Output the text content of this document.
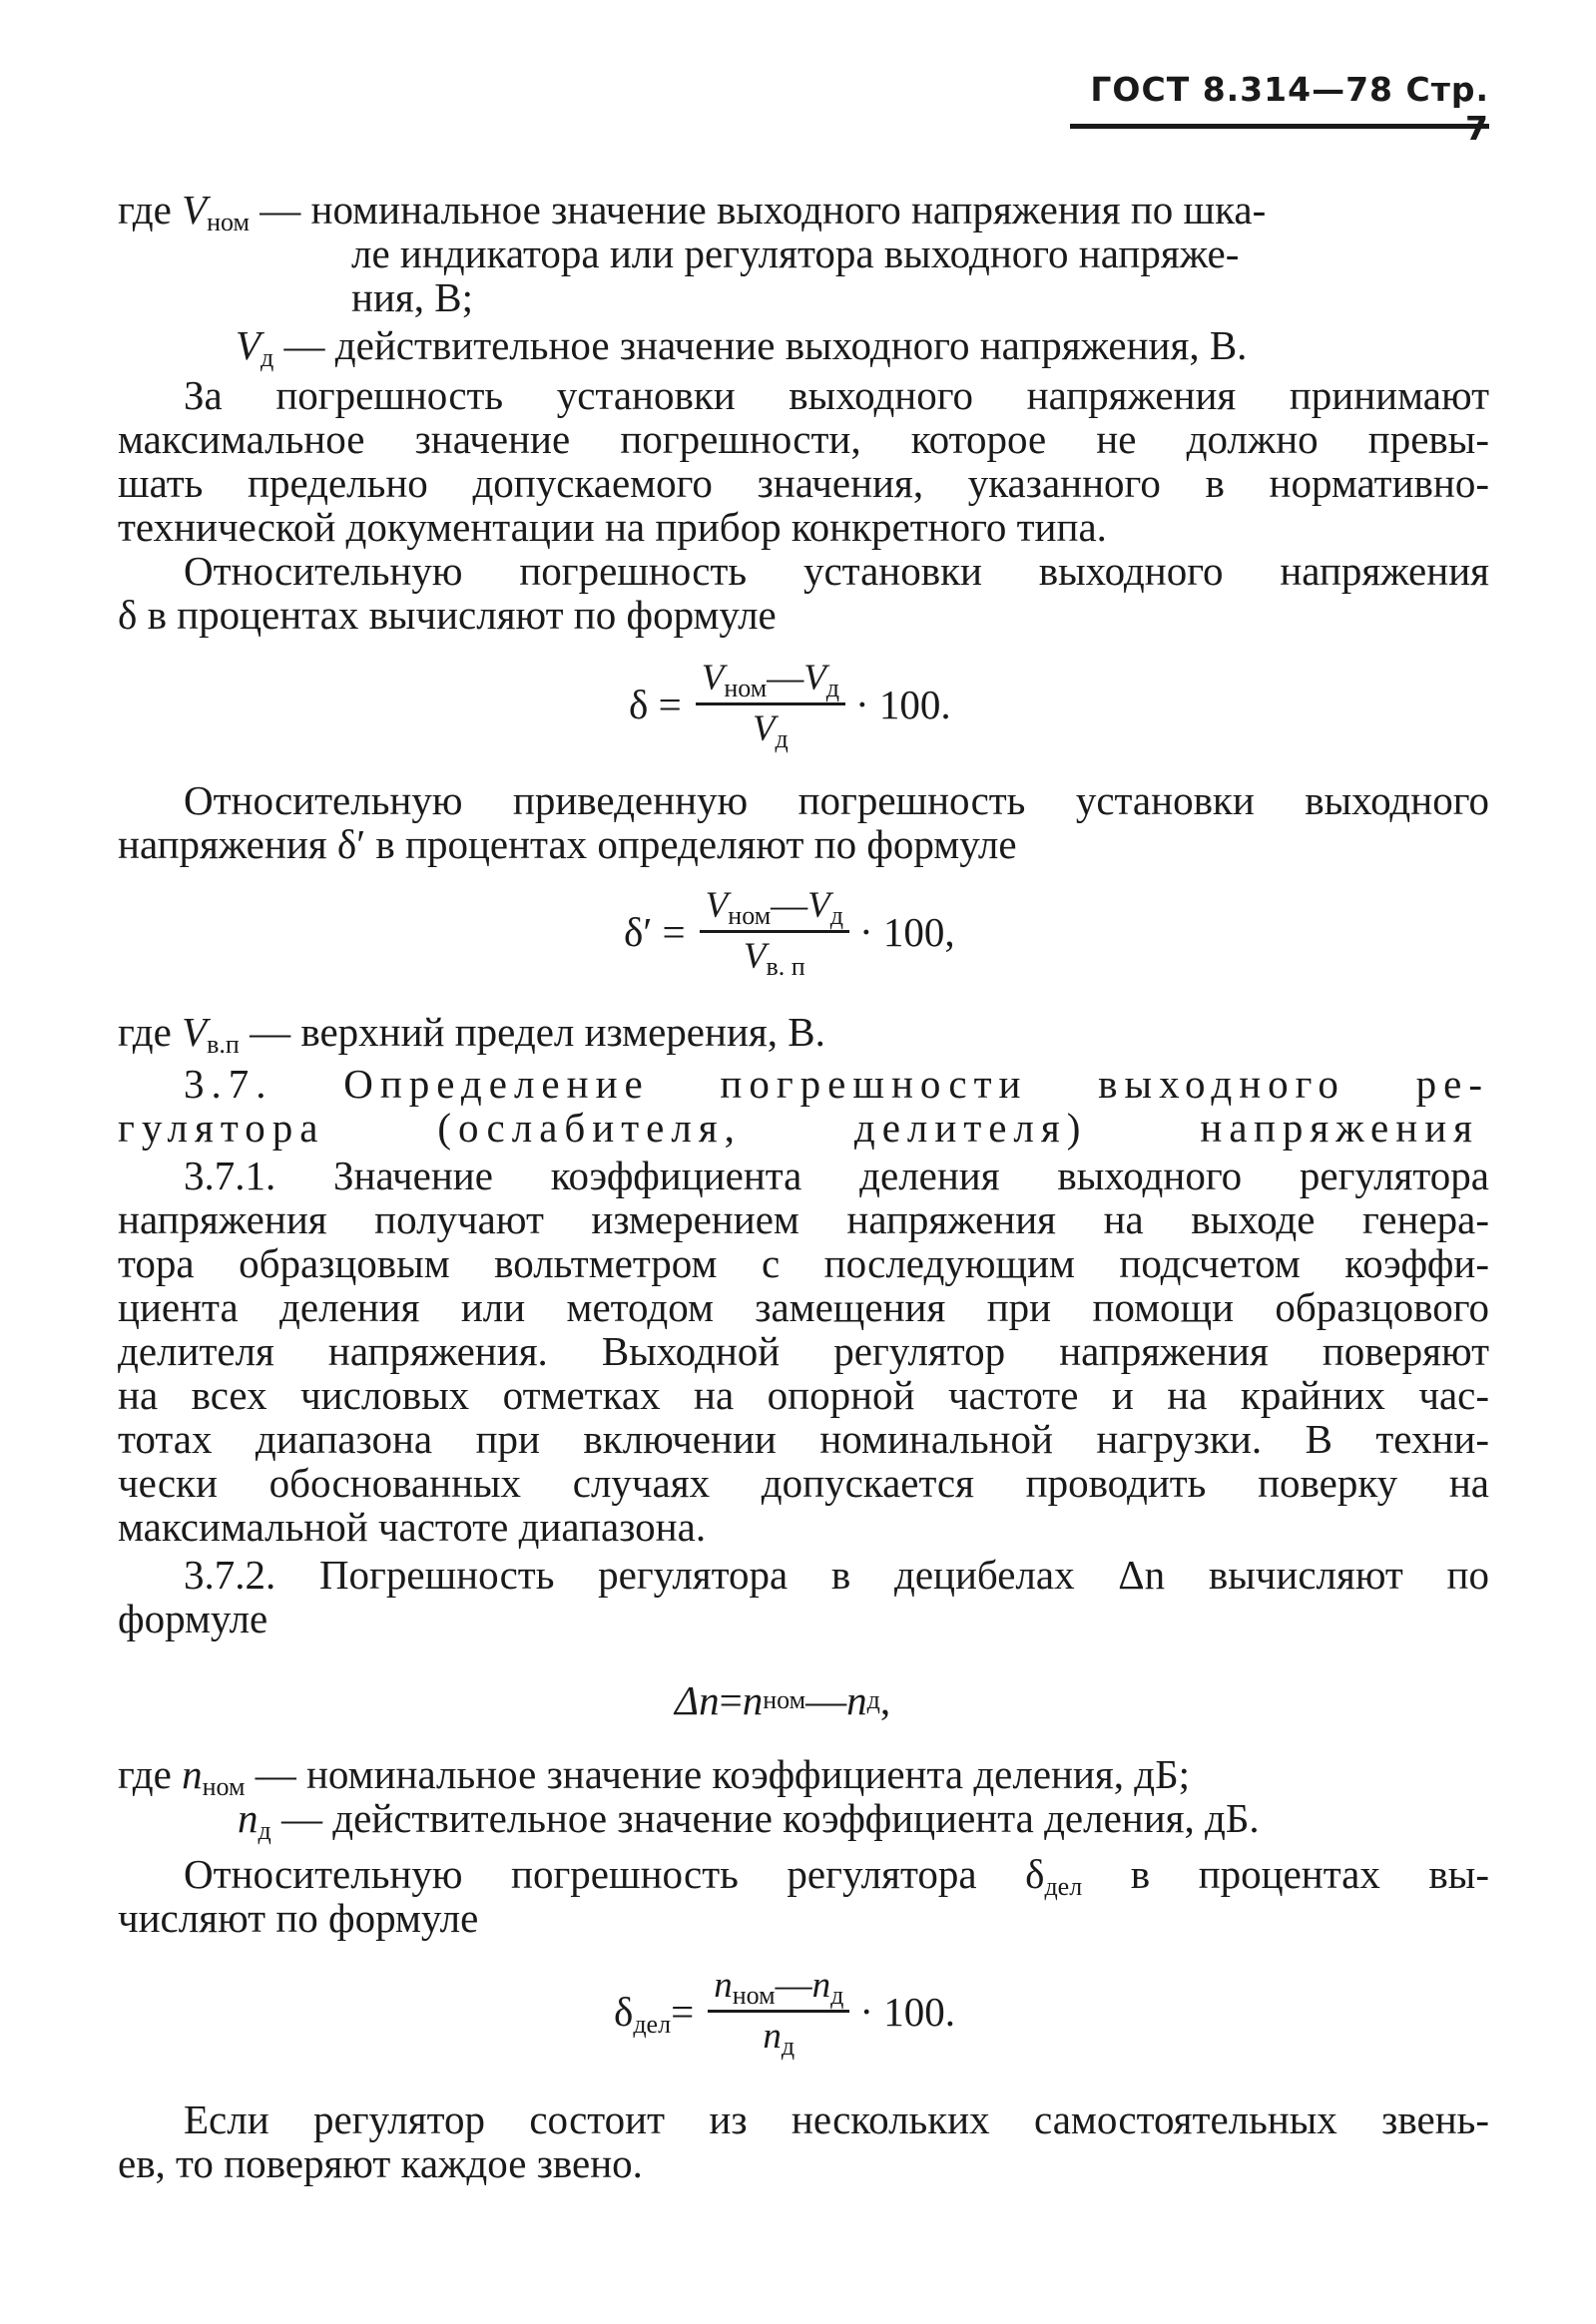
ГОСТ 8.314—78 Стр.
где $V_{ном}$ — номинальное значение выходного напряжения по шка-
ле индикатора или регулятора выходного напряже-
ния, В;
$V_д$ — действительное значение выходного напряжения, В.
За погрешность установки выходного напряжения принимают
максимальное значение погрешности, которое не должно превы-
шать предельно допускаемого значения, указанного в нормативно-
технической документации на прибор конкретного типа.
Относительную погрешность установки выходного напряжения
δ в процентах вычисляют по формуле
$\delta = \frac{V_{ном}—V_д}{V_д} \cdot 100$.
Относительную приведенную погрешность установки выходного
напряжения δ′ в процентах определяют по формуле
$\delta' = \frac{V_{ном}—V_д}{V_{в. п}} \cdot 100$,
где $V_{в.п}$ — верхний предел измерения, В.
3.7. Определение погрешности выходного ре-
гулятора (ослабителя, делителя) напряжения
3.7.1. Значение коэффициента деления выходного регулятора
напряжения получают измерением напряжения на выходе генера-
тора образцовым вольтметром с последующим подсчетом коэффи-
циента деления или методом замещения при помощи образцового
делителя напряжения. Выходной регулятор напряжения поверяют
на всех числовых отметках на опорной частоте и на крайних час-
тотах диапазона при включении номинальной нагрузки. В техни-
чески обоснованных случаях допускается проводить поверку на
максимальной частоте диапазона.
3.7.2. Погрешность регулятора в децибелах Δn вычисляют по
формуле
Δn = n ном — n д ,
где $n_{ном}$ — номинальное значение коэффициента деления, дБ;
$n_д$ — действительное значение коэффициента деления, дБ.
Относительную погрешность регулятора $\delta_{дел}$ в процентах вы-
числяют по формуле
$\delta_{дел}= \frac{n_{ном}—n_д}{n_д} \cdot 100$.
Если регулятор состоит из нескольких самостоятельных звень-
ев, то поверяют каждое звено.
